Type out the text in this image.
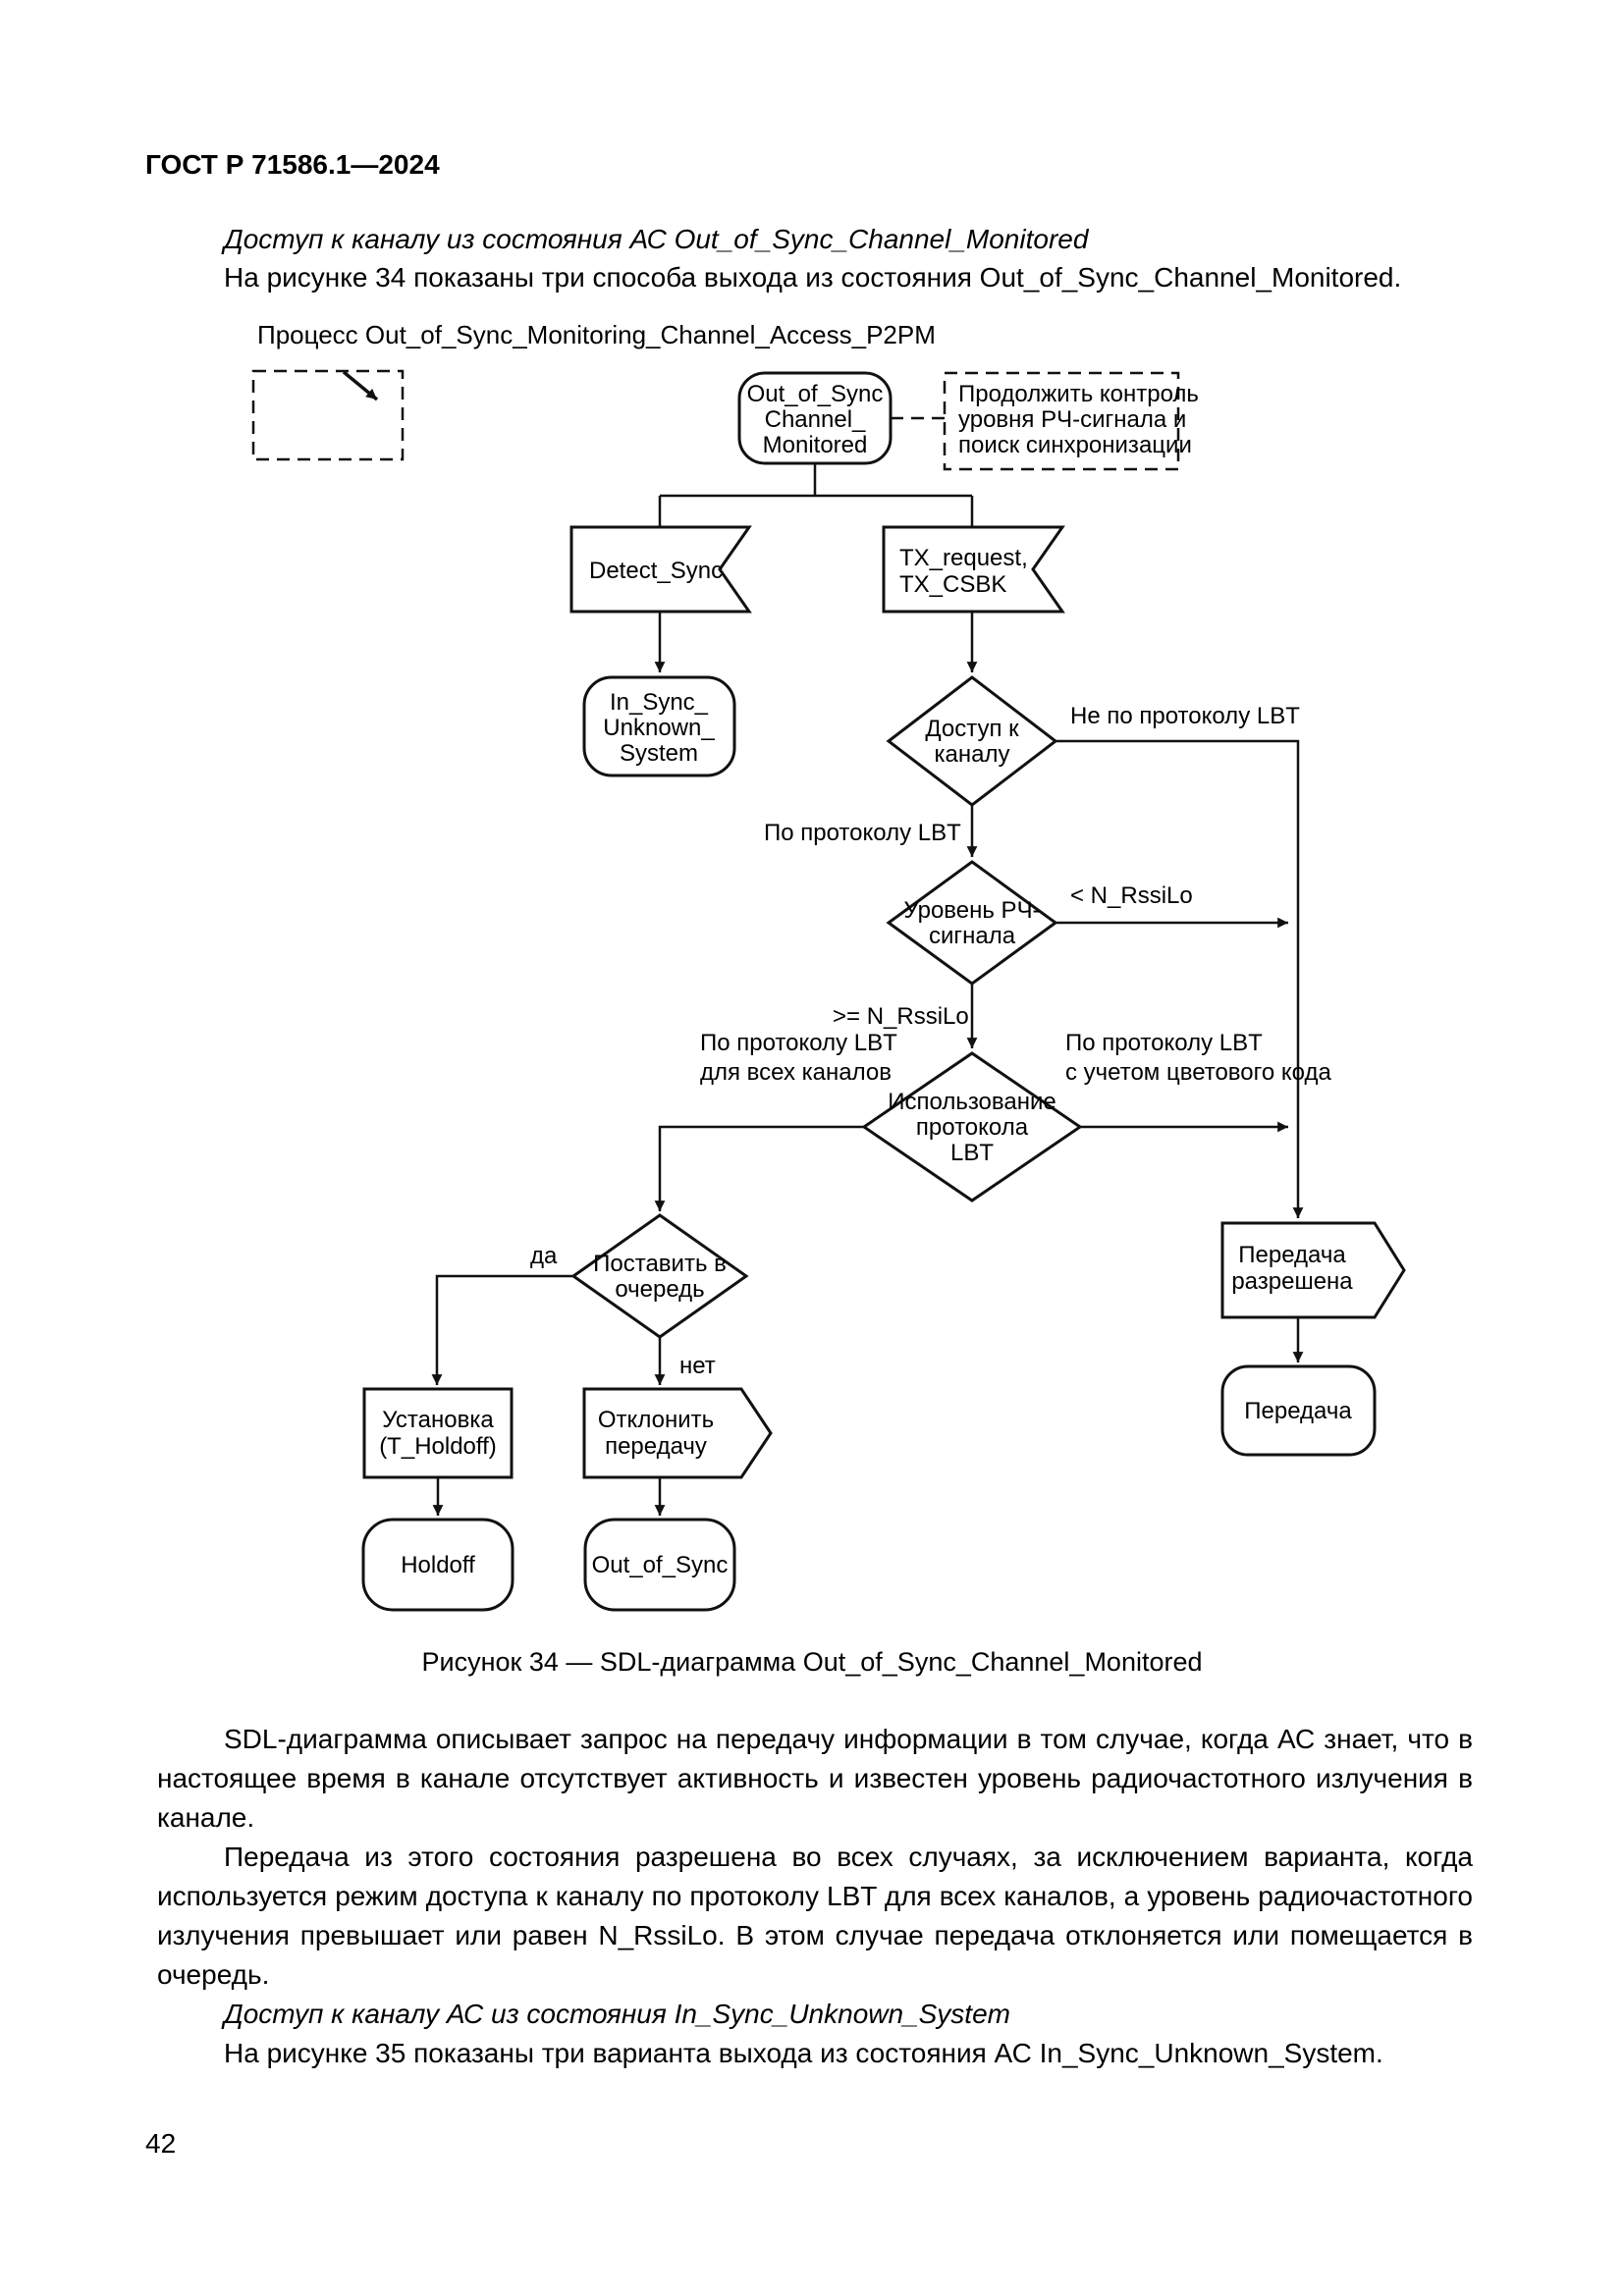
ГОСТ Р 71586.1—2024

Доступ к каналу из состояния АС Out_of_Sync_Channel_Monitored

На рисунке 34 показаны три способа выхода из состояния Out_of_Sync_Channel_Monitored.

Процесс Out_of_Sync_Monitoring_Channel_Access_P2PM
Out_of_Sync
Channel_
Monitored
Продолжить контроль
уровня РЧ-сигнала и
поиск синхронизации
Detect_Sync	TX_request,
TX_CSBK
In_Sync_
Unknown_
System
Доступ к
каналу
Не по протоколу LBT
По протоколу LBT
Уровень РЧ-
сигнала
< N_RssiLo
>= N_RssiLo
Использование
протокола
LBT
По протоколу LBT
для всех каналов
По протоколу LBT
с учетом цветового кода
Поставить в
очередь
да
нет
Установка
(T_Holdoff)
Отклонить
передачу
Передача
разрешена
Holdoff	Out_of_Sync
Передача
Рисунок 34 — SDL-диаграмма Out_of_Sync_Channel_Monitored

SDL-диаграмма описывает запрос на передачу информации в том случае, когда АС знает, что в настоящее время в канале отсутствует активность и известен уровень радиочастотного излучения в канале.

Передача из этого состояния разрешена во всех случаях, за исключением варианта, когда используется режим доступа к каналу по протоколу LBT для всех каналов, а уровень радиочастотного излучения превышает или равен N_RssiLo. В этом случае передача отклоняется или помещается в очередь.

Доступ к каналу АС из состояния In_Sync_Unknown_System

На рисунке 35 показаны три варианта выхода из состояния АС In_Sync_Unknown_System.

42
